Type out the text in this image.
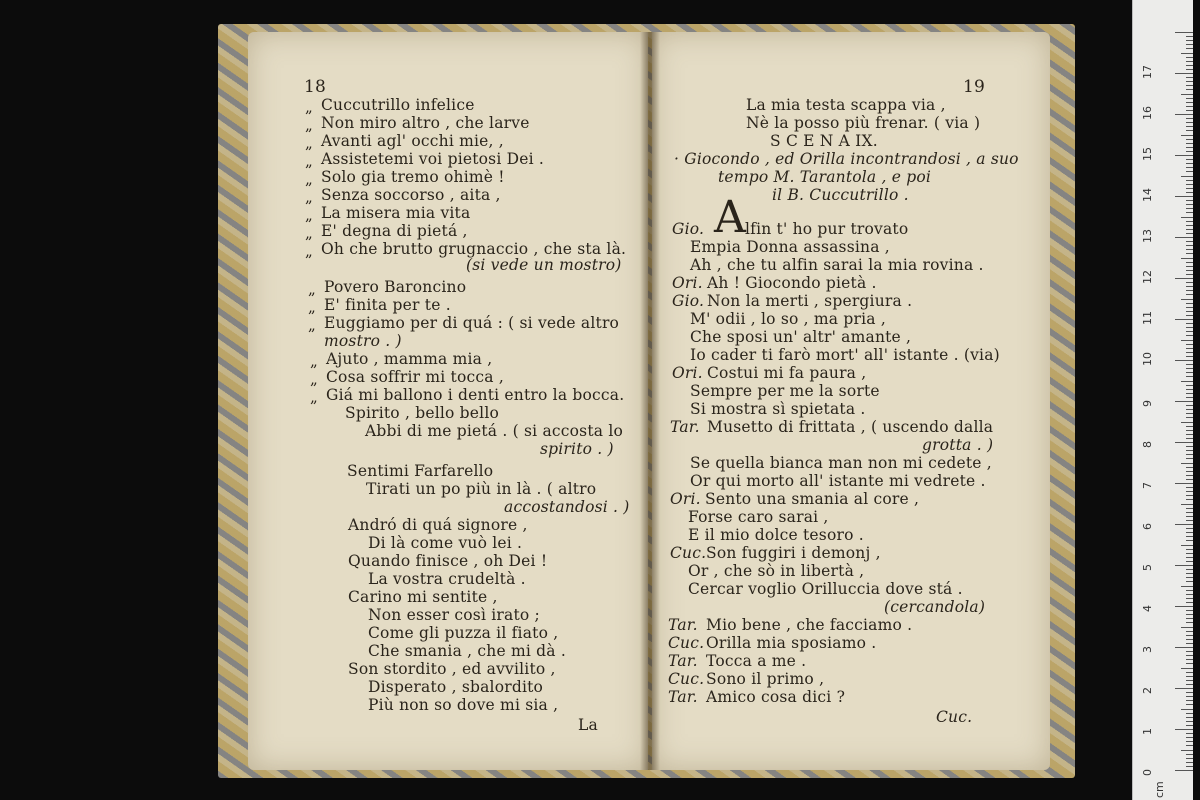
18	19
A
„ Cuccutrillo infelice
„ Non miro altro , che larve
„ Avanti agl' occhi mie, ,
„ Assistetemi voi pietosi Dei .
„ Solo gia tremo ohimè !
„ Senza soccorso , aita ,
„ La misera mia vita
„ E' degna di pietá ,
„ Oh che brutto grugnaccio , che sta là.
(si vede un mostro)
„ Povero Baroncino
„ E' finita per te .
„ Euggiamo per di quá : ( si vede altro
mostro . )
„ Ajuto , mamma mia ,
„ Cosa soffrir mi tocca ,
„ Giá mi ballono i denti entro la bocca.
Spirito , bello bello
Abbi di me pietá . ( si accosta lo
spirito . )
Sentimi Farfarello
Tirati un po più in là . ( altro
accostandosi . )
Andró di quá signore ,
Di là come vuò lei .
Quando finisce , oh Dei !
La vostra crudeltà .
Carino mi sentite ,
Non esser così irato ;
Come gli puzza il fiato ,
Che smania , che mi dà .
Son stordito , ed avvilito ,
Disperato , sbalordito
Più non so dove mi sia ,
La
La mia testa scappa via ,
Nè la posso più frenar. ( via )
S C E N A IX.
· Giocondo , ed Orilla incontrandosi , a suo
tempo M. Tarantola , e poi
il B. Cuccutrillo .
Gio.	lfin t' ho pur trovato
Empia Donna assassina ,
Ah , che tu alfin sarai la mia rovina .
Ori. Ah ! Giocondo pietà .
Gio. Non la merti , spergiura .
M' odii , lo so , ma pria ,
Che sposi un' altr' amante ,
Io cader ti farò mort' all' istante . (via)
Ori. Costui mi fa paura ,
Sempre per me la sorte
Si mostra sì spietata .
Tar. Musetto di frittata , ( uscendo dalla
grotta . )
Se quella bianca man non mi cedete ,
Or qui morto all' istante mi vedrete .
Ori. Sento una smania al core ,
Forse caro sarai ,
E il mio dolce tesoro .
Cuc. Son fuggiri i demonj ,
Or , che sò in libertà ,
Cercar voglio Orilluccia dove stá .
(cercandola)
Tar. Mio bene , che facciamo .
Cuc. Orilla mia sposiamo .
Tar. Tocca a me .
Cuc. Sono il primo ,
Tar. Amico cosa dici ?
Cuc.
0
1
2
3
4
5
6
7
8
9
10
11
12
13
14
15
16
17
cm
